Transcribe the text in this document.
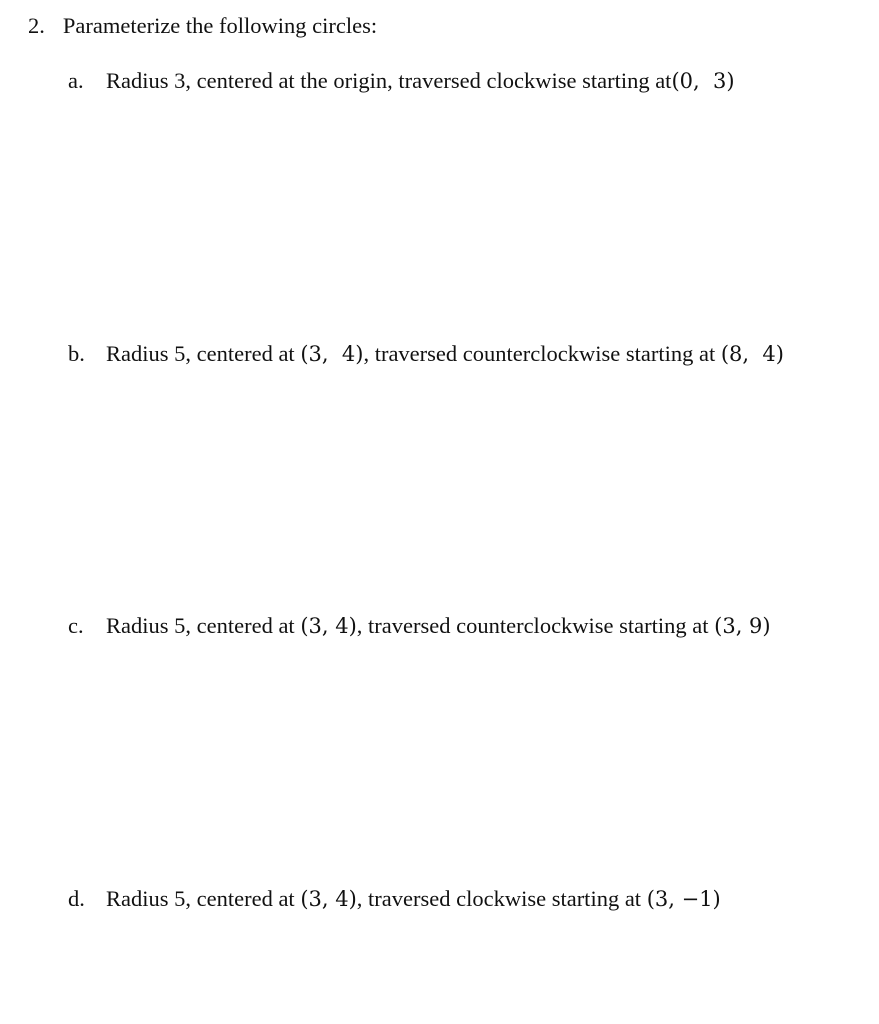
2. Parameterize the following circles:
a. Radius 3, centered at the origin, traversed clockwise starting at(0,  3)
b. Radius 5, centered at (3,  4), traversed counterclockwise starting at (8,  4)
c. Radius 5, centered at (3, 4), traversed counterclockwise starting at (3, 9)
d. Radius 5, centered at (3, 4), traversed clockwise starting at (3, −1)
